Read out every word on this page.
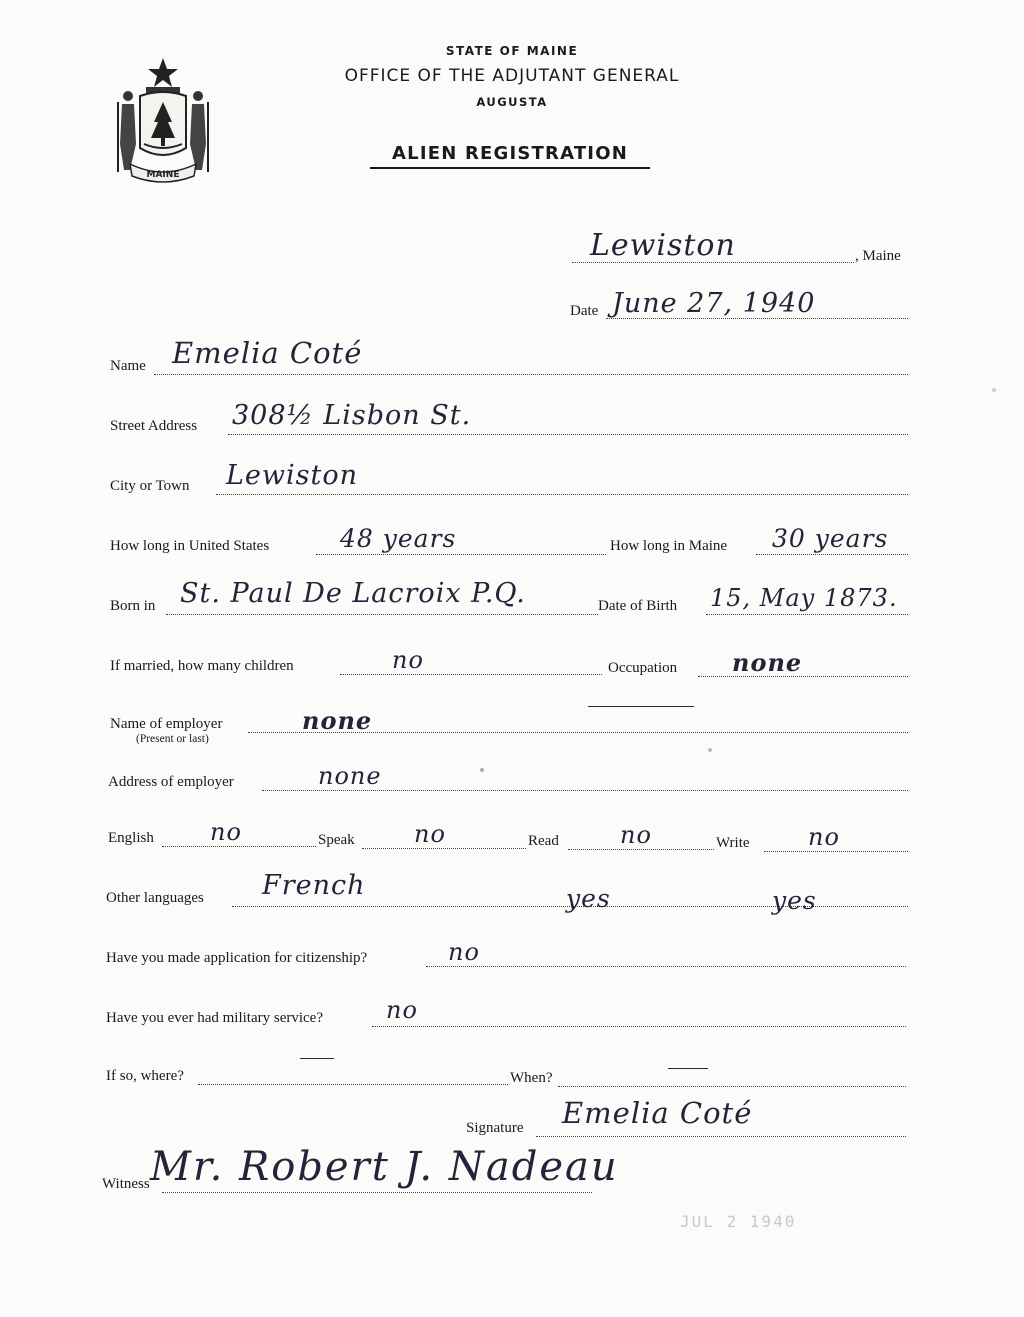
MAINE
STATE OF MAINE
OFFICE OF THE ADJUTANT GENERAL
AUGUSTA
ALIEN REGISTRATION
Lewiston	, Maine
Date June 27, 1940
Name Emelia Coté
Street Address 308½ Lisbon St.
City or Town Lewiston
How long in United States	48 years	How long in Maine 30 years
Born in St. Paul De Lacroix P.Q.	Date of Birth 15, May 1873.
If married, how many children	no	Occupation none
Name of employer
(Present or last)
none
Address of employer	none
English no	Speak no	Read	no	Write no
Other languages French	yes	yes
Have you made application for citizenship?	no
Have you ever had military service?	no
If so, where?	When?
Signature Emelia Coté
Witness Mr. Robert J. Nadeau
JUL 2 1940
